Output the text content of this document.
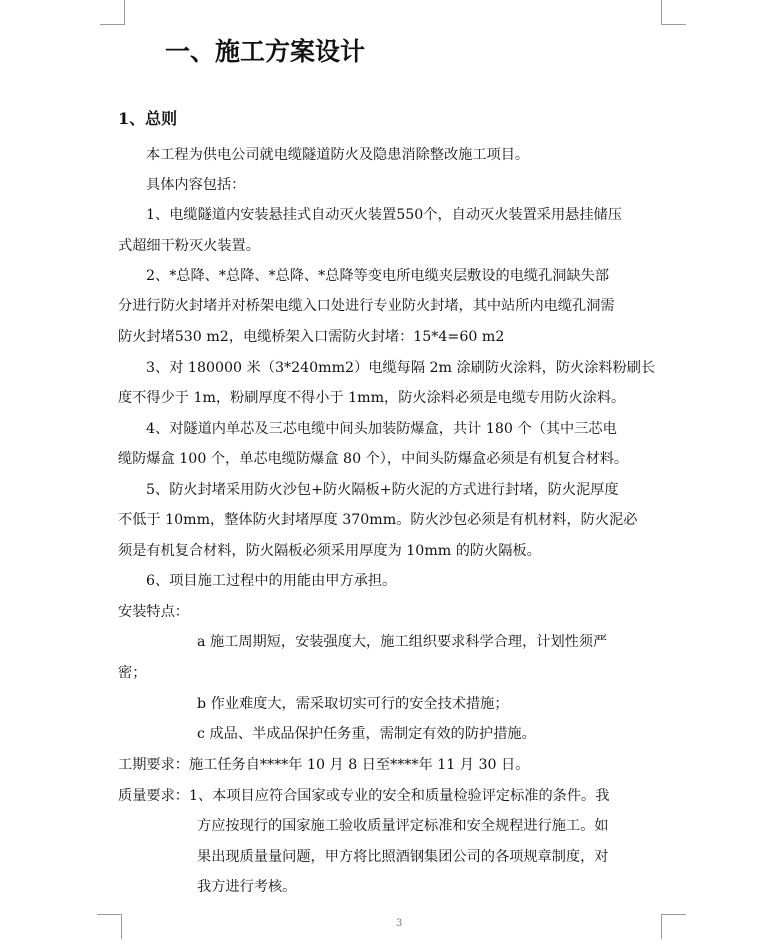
一、施工方案设计
1、总则
本工程为供电公司就电缆隧道防火及隐患消除整改施工项目。
具体内容包括：
1、电缆隧道内安装悬挂式自动灭火装置550个，自动灭火装置采用悬挂储压
式超细干粉灭火装置。
2、*总降、*总降、*总降、*总降等变电所电缆夹层敷设的电缆孔洞缺失部
分进行防火封堵并对桥架电缆入口处进行专业防火封堵，其中站所内电缆孔洞需
防火封堵530 m2，电缆桥架入口需防火封堵：15*4=60 m2
3、对 180000 米（3*240mm2）电缆每隔 2m 涂刷防火涂料，防火涂料粉刷长
度不得少于 1m，粉刷厚度不得小于 1mm，防火涂料必须是电缆专用防火涂料。
4、对隧道内单芯及三芯电缆中间头加装防爆盒，共计 180 个（其中三芯电
缆防爆盒 100 个，单芯电缆防爆盒 80 个），中间头防爆盒必须是有机复合材料。
5、防火封堵采用防火沙包+防火隔板+防火泥的方式进行封堵，防火泥厚度
不低于 10mm，整体防火封堵厚度 370mm。防火沙包必须是有机材料，防火泥必
须是有机复合材料，防火隔板必须采用厚度为 10mm 的防火隔板。
6、项目施工过程中的用能由甲方承担。
安装特点：
a 施工周期短，安装强度大，施工组织要求科学合理，计划性须严
密；
b 作业难度大，需采取切实可行的安全技术措施；
c 成品、半成品保护任务重，需制定有效的防护措施。
工期要求：施工任务自****年 10 月 8 日至****年 11 月 30 日。
质量要求：1、本项目应符合国家或专业的安全和质量检验评定标准的条件。我
方应按现行的国家施工验收质量评定标准和安全规程进行施工。如
果出现质量量问题，甲方将比照酒钢集团公司的各项规章制度，对
我方进行考核。
3
